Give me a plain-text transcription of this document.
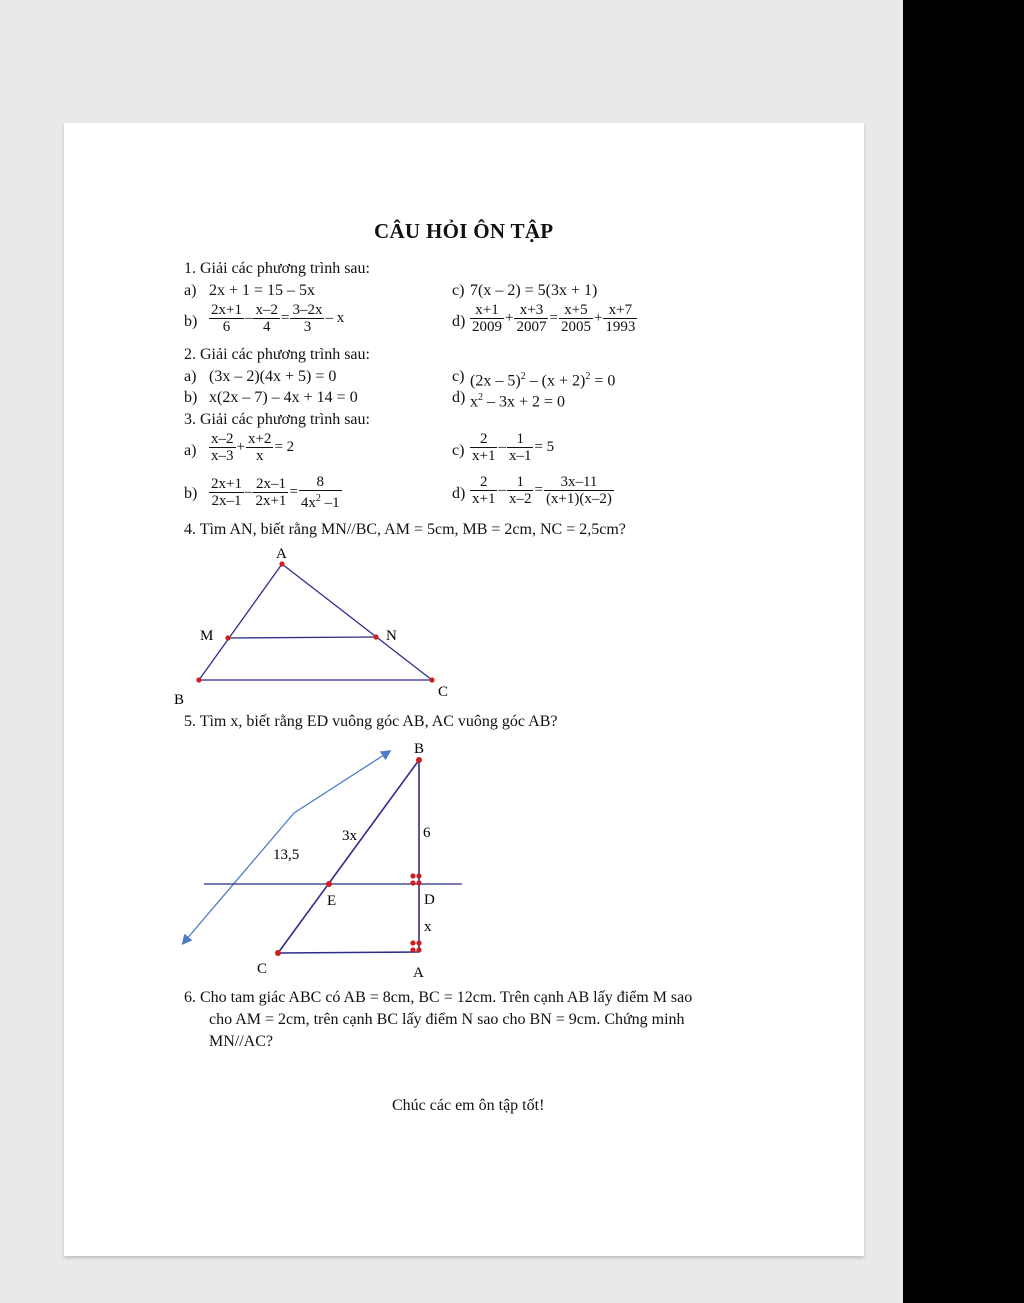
CÂU HỎI ÔN TẬP
1. Giải các phương trình sau:
a) 2x + 1 = 15 – 5x	c) 7(x – 2) = 5(3x + 1)
$b) \frac{2x+1}{6} - \frac{x-2}{4} = \frac{3-2x}{3} - x$	$d) \frac{x+1}{2009} + \frac{x+3}{2007} = \frac{x+5}{2005} + \frac{x+7}{1993}$
2. Giải các phương trình sau:
a) (3x – 2)(4x + 5) = 0	c) $(2x - 5)^2 - (x + 2)^2 = 0$
b) x(2x – 7) – 4x + 14 = 0	d) $x^2 - 3x + 2 = 0$
3. Giải các phương trình sau:
$a) \frac{x-2}{x-3} + \frac{x+2}{x} = 2$	$c) \frac{2}{x+1} - \frac{1}{x-1} = 5$
$b) \frac{2x+1}{2x-1} - \frac{2x-1}{2x+1} = \frac{8}{4x^2 -1}$	$d) \frac{2}{x+1} - \frac{1}{x-2} = \frac{3x-11}{(x+1)(x-2)}$
4. Tìm AN, biết rằng MN//BC, AM = 5cm, MB = 2cm, NC = 2,5cm?
A
M	N
B	C
5. Tìm x, biết rằng ED vuông góc AB, AC vuông góc AB?
B
D
E
C	A
3x	6
13,5
x
6. Cho tam giác ABC có AB = 8cm, BC = 12cm. Trên cạnh AB lấy điểm M sao
cho AM = 2cm, trên cạnh BC lấy điểm N sao cho BN = 9cm. Chứng minh
MN//AC?
Chúc các em ôn tập tốt!
